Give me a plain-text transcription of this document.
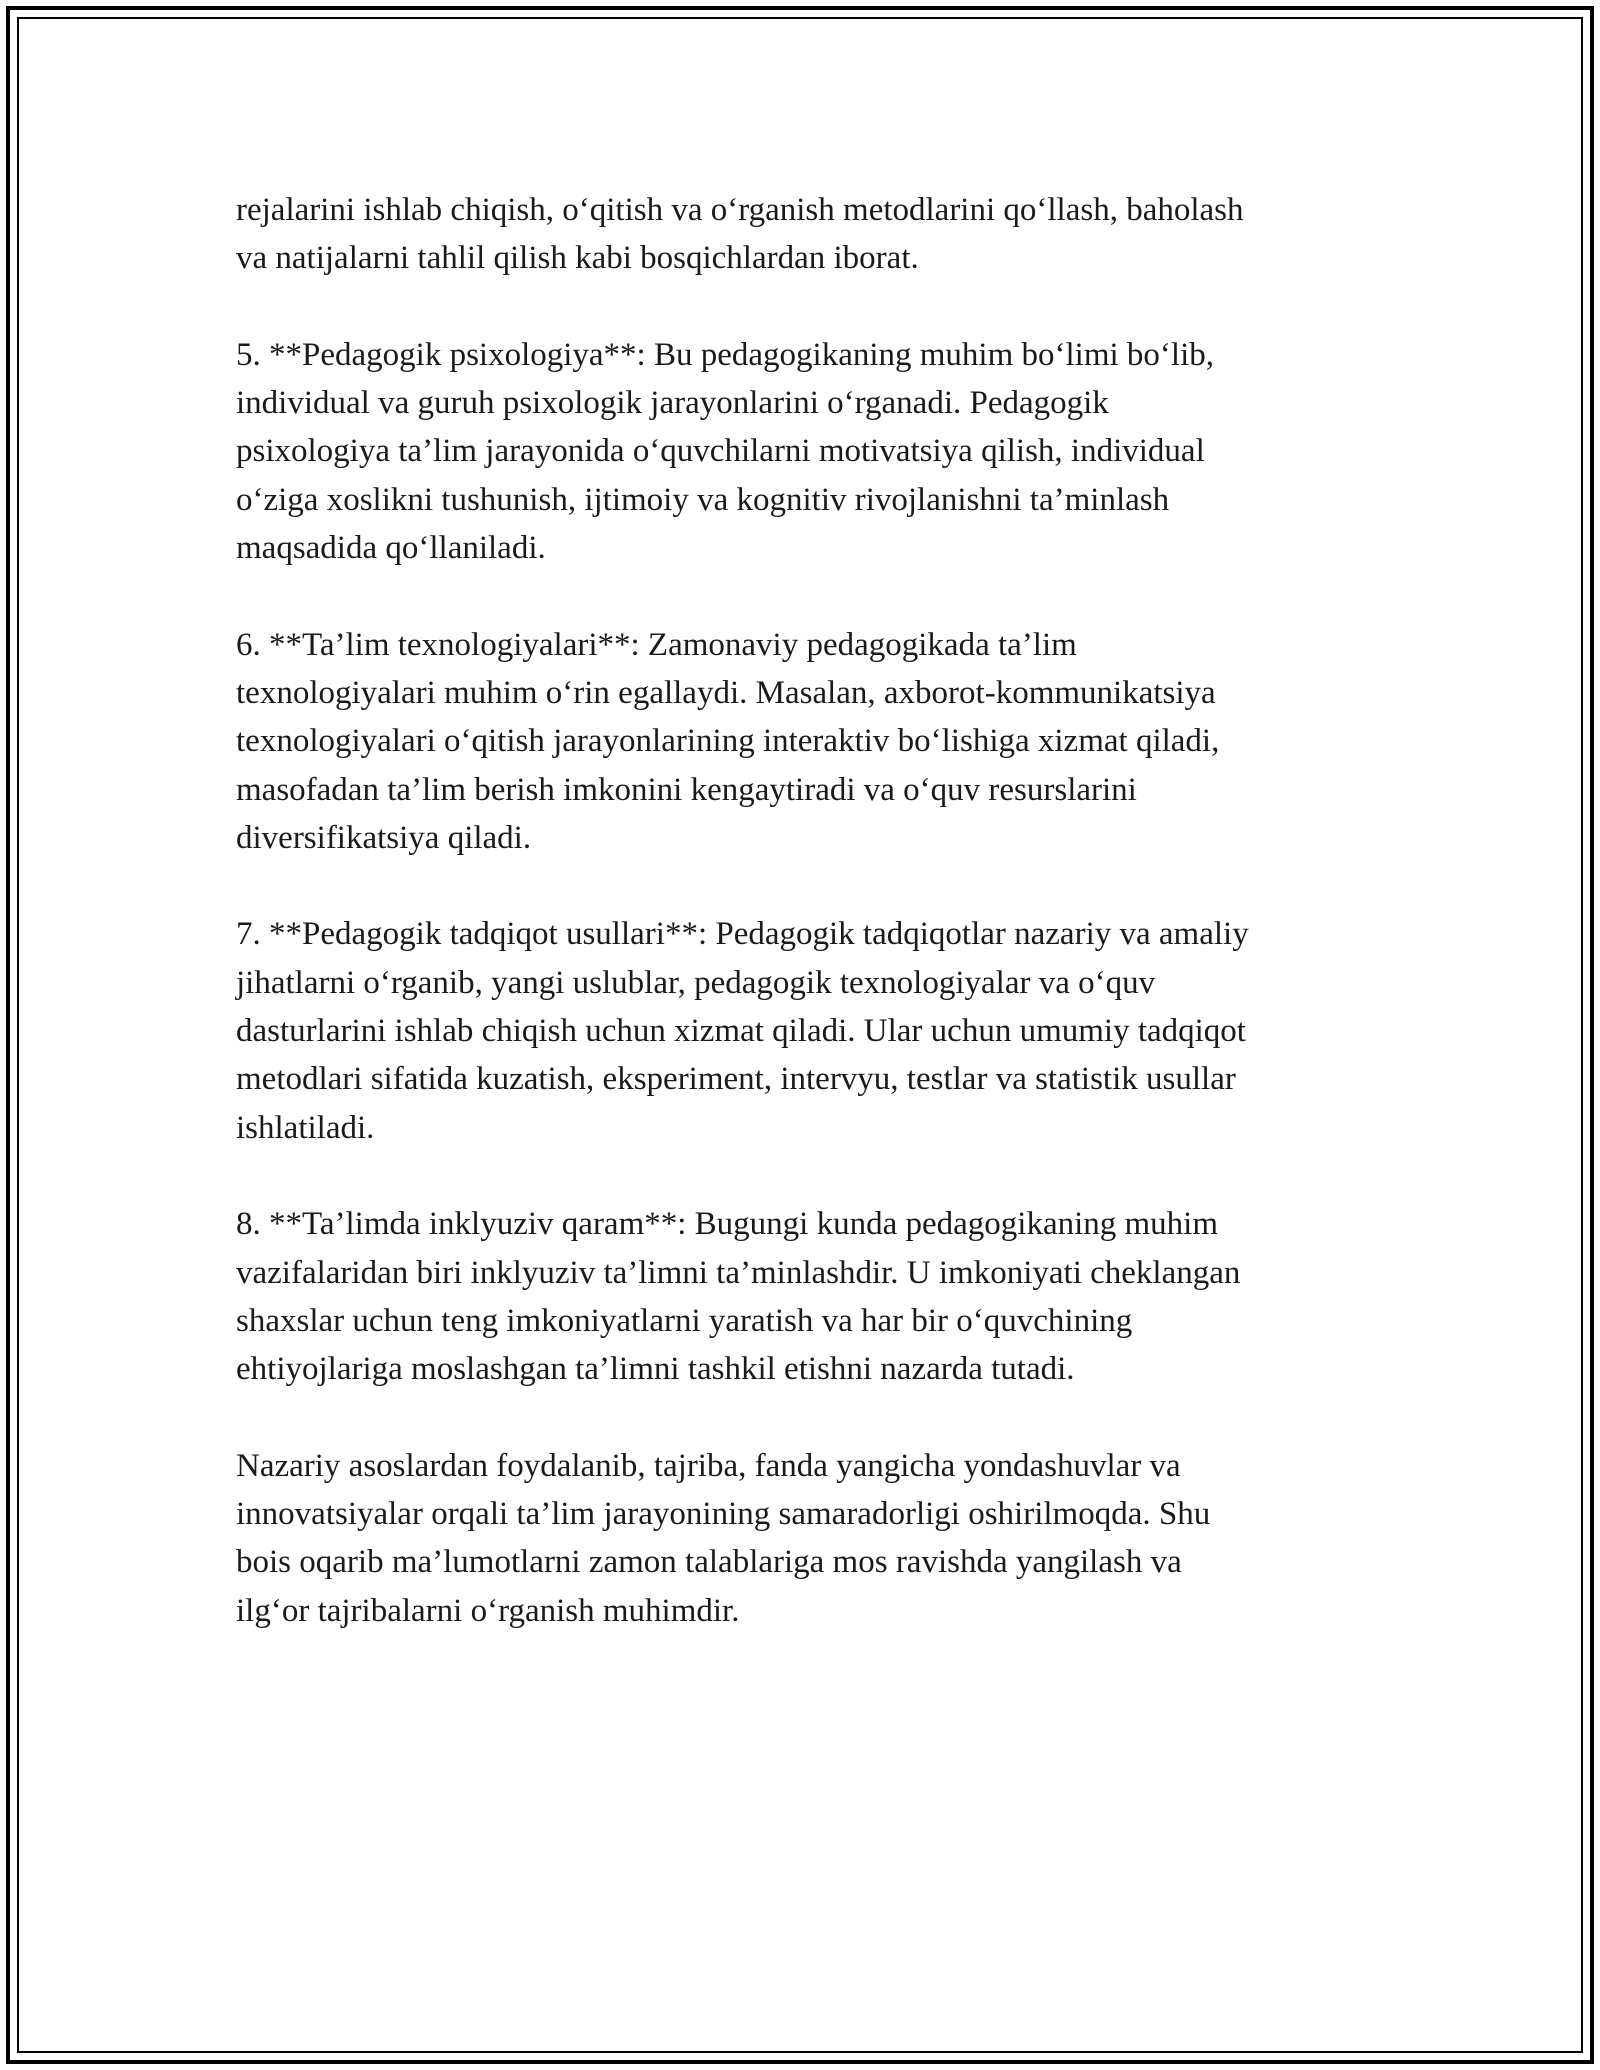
rejalarini ishlab chiqish, o‘qitish va o‘rganish metodlarini qo‘llash, baholash
va natijalarni tahlil qilish kabi bosqichlardan iborat.

5. **Pedagogik psixologiya**: Bu pedagogikaning muhim bo‘limi bo‘lib,
individual va guruh psixologik jarayonlarini o‘rganadi. Pedagogik
psixologiya ta’lim jarayonida o‘quvchilarni motivatsiya qilish, individual
o‘ziga xoslikni tushunish, ijtimoiy va kognitiv rivojlanishni ta’minlash
maqsadida qo‘llaniladi.

6. **Ta’lim texnologiyalari**: Zamonaviy pedagogikada ta’lim
texnologiyalari muhim o‘rin egallaydi. Masalan, axborot-kommunikatsiya
texnologiyalari o‘qitish jarayonlarining interaktiv bo‘lishiga xizmat qiladi,
masofadan ta’lim berish imkonini kengaytiradi va o‘quv resurslarini
diversifikatsiya qiladi.

7. **Pedagogik tadqiqot usullari**: Pedagogik tadqiqotlar nazariy va amaliy
jihatlarni o‘rganib, yangi uslublar, pedagogik texnologiyalar va o‘quv
dasturlarini ishlab chiqish uchun xizmat qiladi. Ular uchun umumiy tadqiqot
metodlari sifatida kuzatish, eksperiment, intervyu, testlar va statistik usullar
ishlatiladi.

8. **Ta’limda inklyuziv qaram**: Bugungi kunda pedagogikaning muhim
vazifalaridan biri inklyuziv ta’limni ta’minlashdir. U imkoniyati cheklangan
shaxslar uchun teng imkoniyatlarni yaratish va har bir o‘quvchining
ehtiyojlariga moslashgan ta’limni tashkil etishni nazarda tutadi.

Nazariy asoslardan foydalanib, tajriba, fanda yangicha yondashuvlar va
innovatsiyalar orqali ta’lim jarayonining samaradorligi oshirilmoqda. Shu
bois oqarib ma’lumotlarni zamon talablariga mos ravishda yangilash va
ilg‘or tajribalarni o‘rganish muhimdir.
